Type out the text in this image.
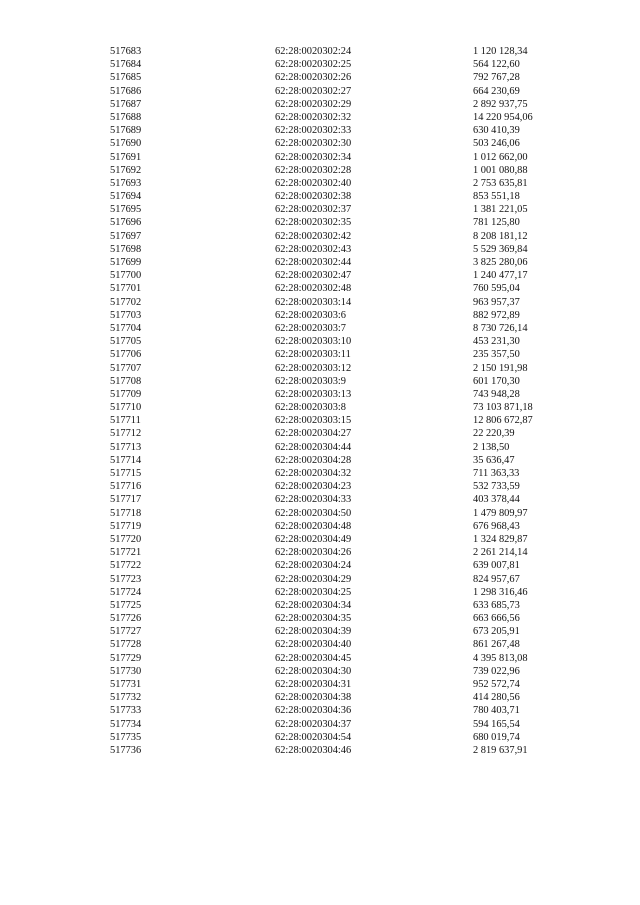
517683	62:28:0020302:24	1 120 128,34
517684	62:28:0020302:25	564 122,60
517685	62:28:0020302:26	792 767,28
517686	62:28:0020302:27	664 230,69
517687	62:28:0020302:29	2 892 937,75
517688	62:28:0020302:32	14 220 954,06
517689	62:28:0020302:33	630 410,39
517690	62:28:0020302:30	503 246,06
517691	62:28:0020302:34	1 012 662,00
517692	62:28:0020302:28	1 001 080,88
517693	62:28:0020302:40	2 753 635,81
517694	62:28:0020302:38	853 551,18
517695	62:28:0020302:37	1 381 221,05
517696	62:28:0020302:35	781 125,80
517697	62:28:0020302:42	8 208 181,12
517698	62:28:0020302:43	5 529 369,84
517699	62:28:0020302:44	3 825 280,06
517700	62:28:0020302:47	1 240 477,17
517701	62:28:0020302:48	760 595,04
517702	62:28:0020303:14	963 957,37
517703	62:28:0020303:6	882 972,89
517704	62:28:0020303:7	8 730 726,14
517705	62:28:0020303:10	453 231,30
517706	62:28:0020303:11	235 357,50
517707	62:28:0020303:12	2 150 191,98
517708	62:28:0020303:9	601 170,30
517709	62:28:0020303:13	743 948,28
517710	62:28:0020303:8	73 103 871,18
517711	62:28:0020303:15	12 806 672,87
517712	62:28:0020304:27	22 220,39
517713	62:28:0020304:44	2 138,50
517714	62:28:0020304:28	35 636,47
517715	62:28:0020304:32	711 363,33
517716	62:28:0020304:23	532 733,59
517717	62:28:0020304:33	403 378,44
517718	62:28:0020304:50	1 479 809,97
517719	62:28:0020304:48	676 968,43
517720	62:28:0020304:49	1 324 829,87
517721	62:28:0020304:26	2 261 214,14
517722	62:28:0020304:24	639 007,81
517723	62:28:0020304:29	824 957,67
517724	62:28:0020304:25	1 298 316,46
517725	62:28:0020304:34	633 685,73
517726	62:28:0020304:35	663 666,56
517727	62:28:0020304:39	673 205,91
517728	62:28:0020304:40	861 267,48
517729	62:28:0020304:45	4 395 813,08
517730	62:28:0020304:30	739 022,96
517731	62:28:0020304:31	952 572,74
517732	62:28:0020304:38	414 280,56
517733	62:28:0020304:36	780 403,71
517734	62:28:0020304:37	594 165,54
517735	62:28:0020304:54	680 019,74
517736	62:28:0020304:46	2 819 637,91
